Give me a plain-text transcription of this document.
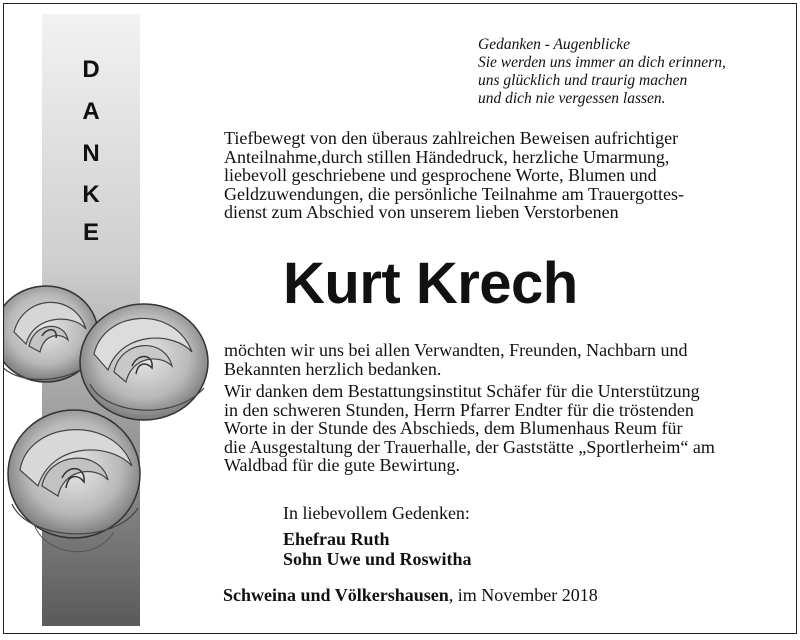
D
A
N
K
E
Gedanken - Augenblicke
Sie werden uns immer an dich erinnern,
uns glücklich und traurig machen
und dich nie vergessen lassen.
Tiefbewegt von den überaus zahlreichen Beweisen aufrichtiger
Anteilnahme,durch stillen Händedruck, herzliche Umarmung,
liebevoll geschriebene und gesprochene Worte, Blumen und
Geldzuwendungen, die persönliche Teilnahme am Trauergottes-
dienst zum Abschied von unserem lieben Verstorbenen
Kurt Krech
möchten wir uns bei allen Verwandten, Freunden, Nachbarn und
Bekannten herzlich bedanken.
Wir danken dem Bestattungsinstitut Schäfer für die Unterstützung
in den schweren Stunden, Herrn Pfarrer Endter für die tröstenden
Worte in der Stunde des Abschieds, dem Blumenhaus Reum für
die Ausgestaltung der Trauerhalle, der Gaststätte „Sportlerheim“ am
Waldbad für die gute Bewirtung.
In liebevollem Gedenken:
Ehefrau Ruth
Sohn Uwe und Roswitha
Schweina und Völkershausen, im November 2018
